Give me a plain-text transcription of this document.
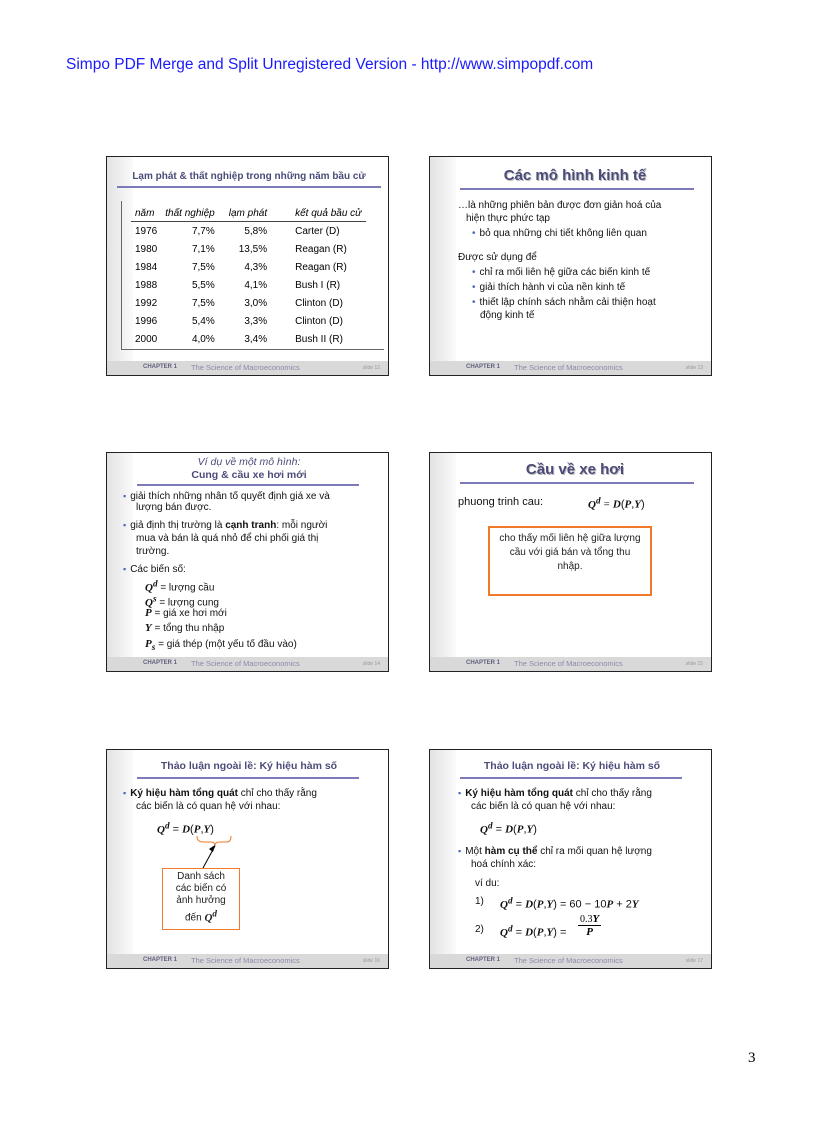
Simpo PDF Merge and Split Unregistered Version - http://www.simpopdf.com
Lạm phát & thất nghiệp trong những năm bầu cử
năm	thất nghiệp	lạm phát	kết quả bầu cử
1976	7,7%	5,8%	Carter (D)
1980	7,1%	13,5%	Reagan (R)
1984	7,5%	4,3%	Reagan (R)
1988	5,5%	4,1%	Bush I (R)
1992	7,5%	3,0%	Clinton (D)
1996	5,4%	3,3%	Clinton (D)
2000	4,0%	3,4%	Bush II (R)
CHAPTER 1 The Science of Macroeconomics	slide 12
Các mô hình kinh tế
…là những phiên bản được đơn giản hoá của
hiện thực phức tạp
• bỏ qua những chi tiết không liên quan
Được sử dụng để
• chỉ ra mối liên hệ giữa các biến kinh tế
• giải thích hành vi của nền kinh tế
• thiết lập chính sách nhằm cải thiện hoạt
động kinh tế
CHAPTER 1 The Science of Macroeconomics	slide 13
Ví dụ về một mô hình:
Cung & cầu xe hơi mới
▪ giải thích những nhân tố quyết định giá xe và
lượng bán được.
▪ giả định thị trường là cạnh tranh: mỗi người
mua và bán là quá nhỏ để chi phối giá thị
trường.
▪ Các biến số:
$Q^d$ = lượng cầu
$Q^s$ = lượng cung
P = giá xe hơi mới
Y = tổng thu nhập
$P_s$ = giá thép (một yếu tố đầu vào)
CHAPTER 1 The Science of Macroeconomics	slide 14
Cầu về xe hơi
phuong trinh cau:	$Q^d = D(P,Y)$
cho thấy mối liên hệ giữa lượng cầu với giá bán và tổng thu nhập.
CHAPTER 1 The Science of Macroeconomics	slide 15
Thảo luận ngoài lề: Ký hiệu hàm số
▪ Ký hiệu hàm tổng quát chỉ cho thấy rằng
các biến là có quan hệ với nhau:
$Q^d = D(P,Y)$
Danh sách
các biến có
ảnh hưởng
đến $Q^d$
CHAPTER 1 The Science of Macroeconomics	slide 16
Thảo luận ngoài lề: Ký hiệu hàm số
▪ Ký hiệu hàm tổng quát chỉ cho thấy rằng
các biến là có quan hệ với nhau:
$Q^d = D(P,Y)$
▪ Một hàm cụ thể chỉ ra mối quan hệ lượng
hoá chính xác:
ví du:
1) $Q^d = D(P,Y) = 60 - 10P + 2Y$
2) $Q^d = D(P,Y)$ =
0.3Y
P
CHAPTER 1 The Science of Macroeconomics	slide 17
3
